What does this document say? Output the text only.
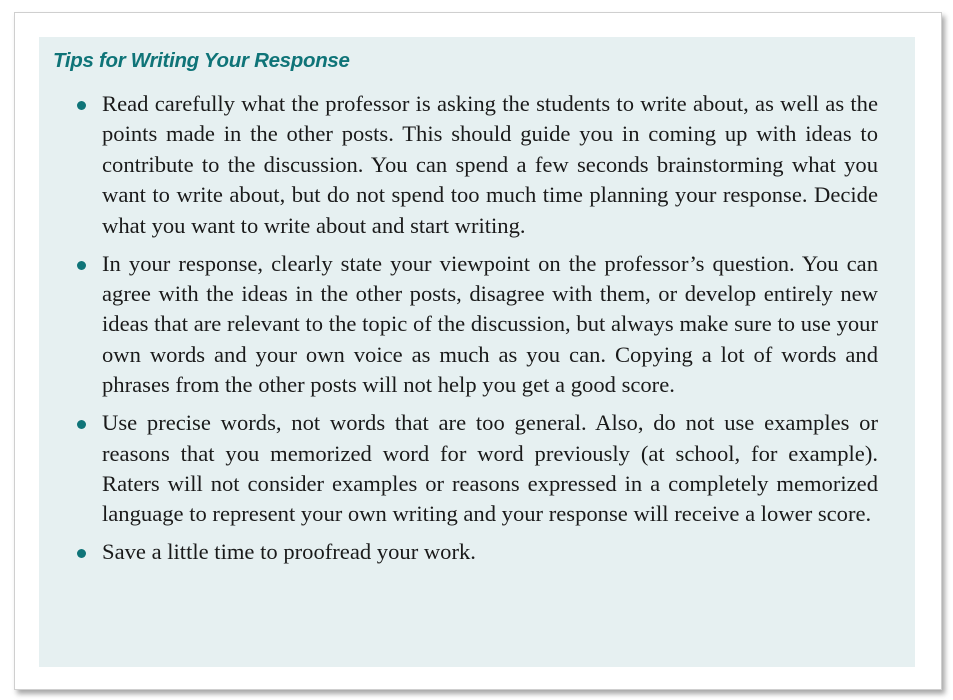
Tips for Writing Your Response
Read carefully what the professor is asking the students to write about, as well as the points made in the other posts. This should guide you in coming up with ideas to contribute to the discussion. You can spend a few seconds brainstorming what you want to write about, but do not spend too much time planning your response. Decide what you want to write about and start writing.
In your response, clearly state your viewpoint on the professor’s question. You can agree with the ideas in the other posts, disagree with them, or develop entirely new ideas that are relevant to the topic of the discussion, but always make sure to use your own words and your own voice as much as you can. Copying a lot of words and phrases from the other posts will not help you get a good score.
Use precise words, not words that are too general. Also, do not use examples or reasons that you memorized word for word previously (at school, for example). Raters will not consider examples or reasons expressed in a completely memorized language to represent your own writing and your response will receive a lower score.
Save a little time to proofread your work.
